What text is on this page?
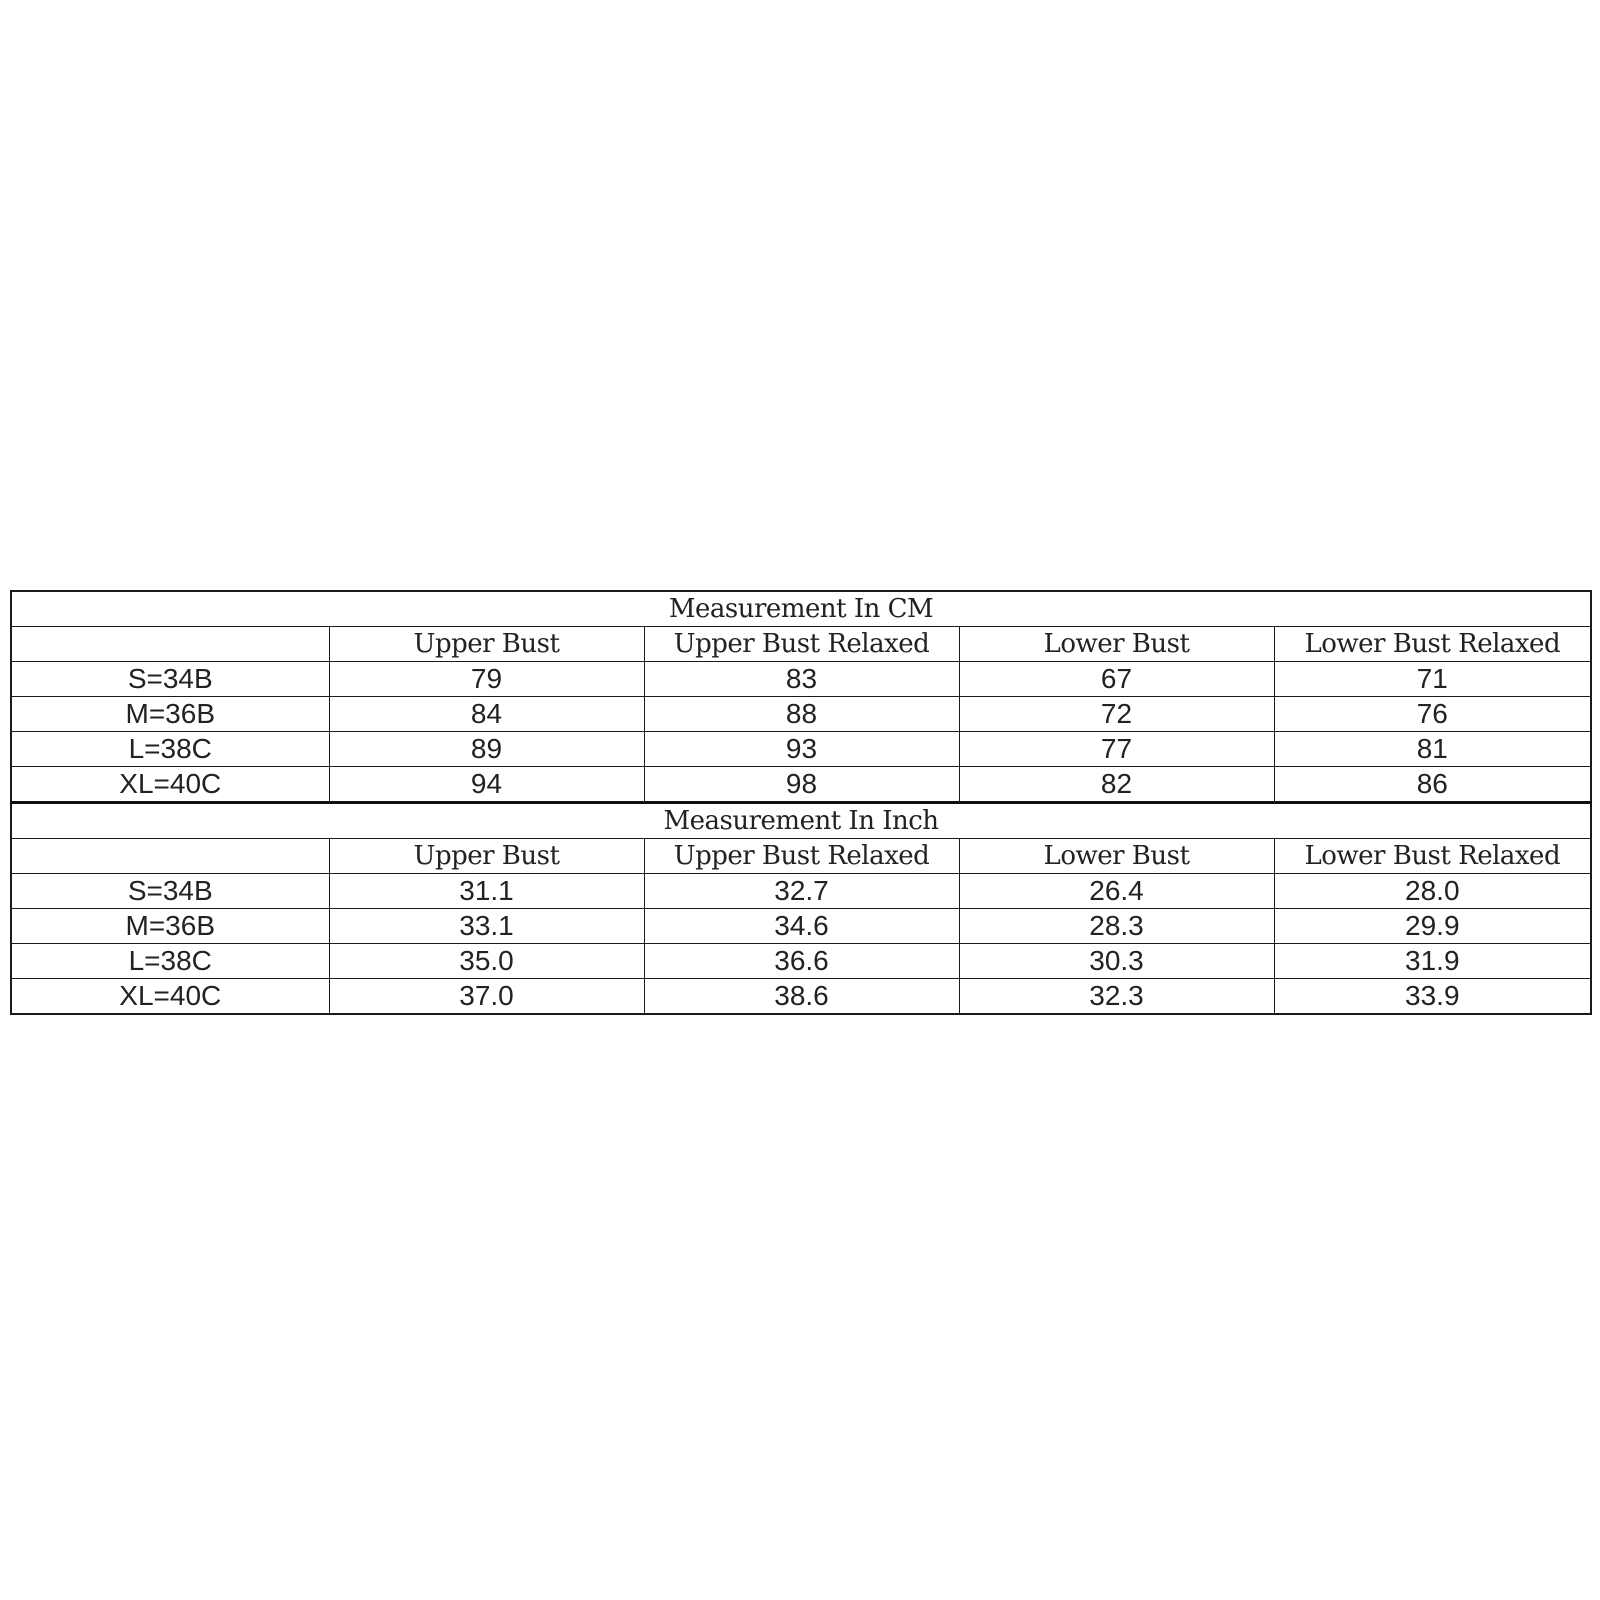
Measurement In CM				
	Upper Bust	Upper Bust Relaxed	Lower Bust	Lower Bust Relaxed
S=34B	79	83	67	71
M=36B	84	88	72	76
L=38C	89	93	77	81
XL=40C	94	98	82	86
Measurement In Inch				
	Upper Bust	Upper Bust Relaxed	Lower Bust	Lower Bust Relaxed
S=34B	31.1	32.7	26.4	28.0
M=36B	33.1	34.6	28.3	29.9
L=38C	35.0	36.6	30.3	31.9
XL=40C	37.0	38.6	32.3	33.9
